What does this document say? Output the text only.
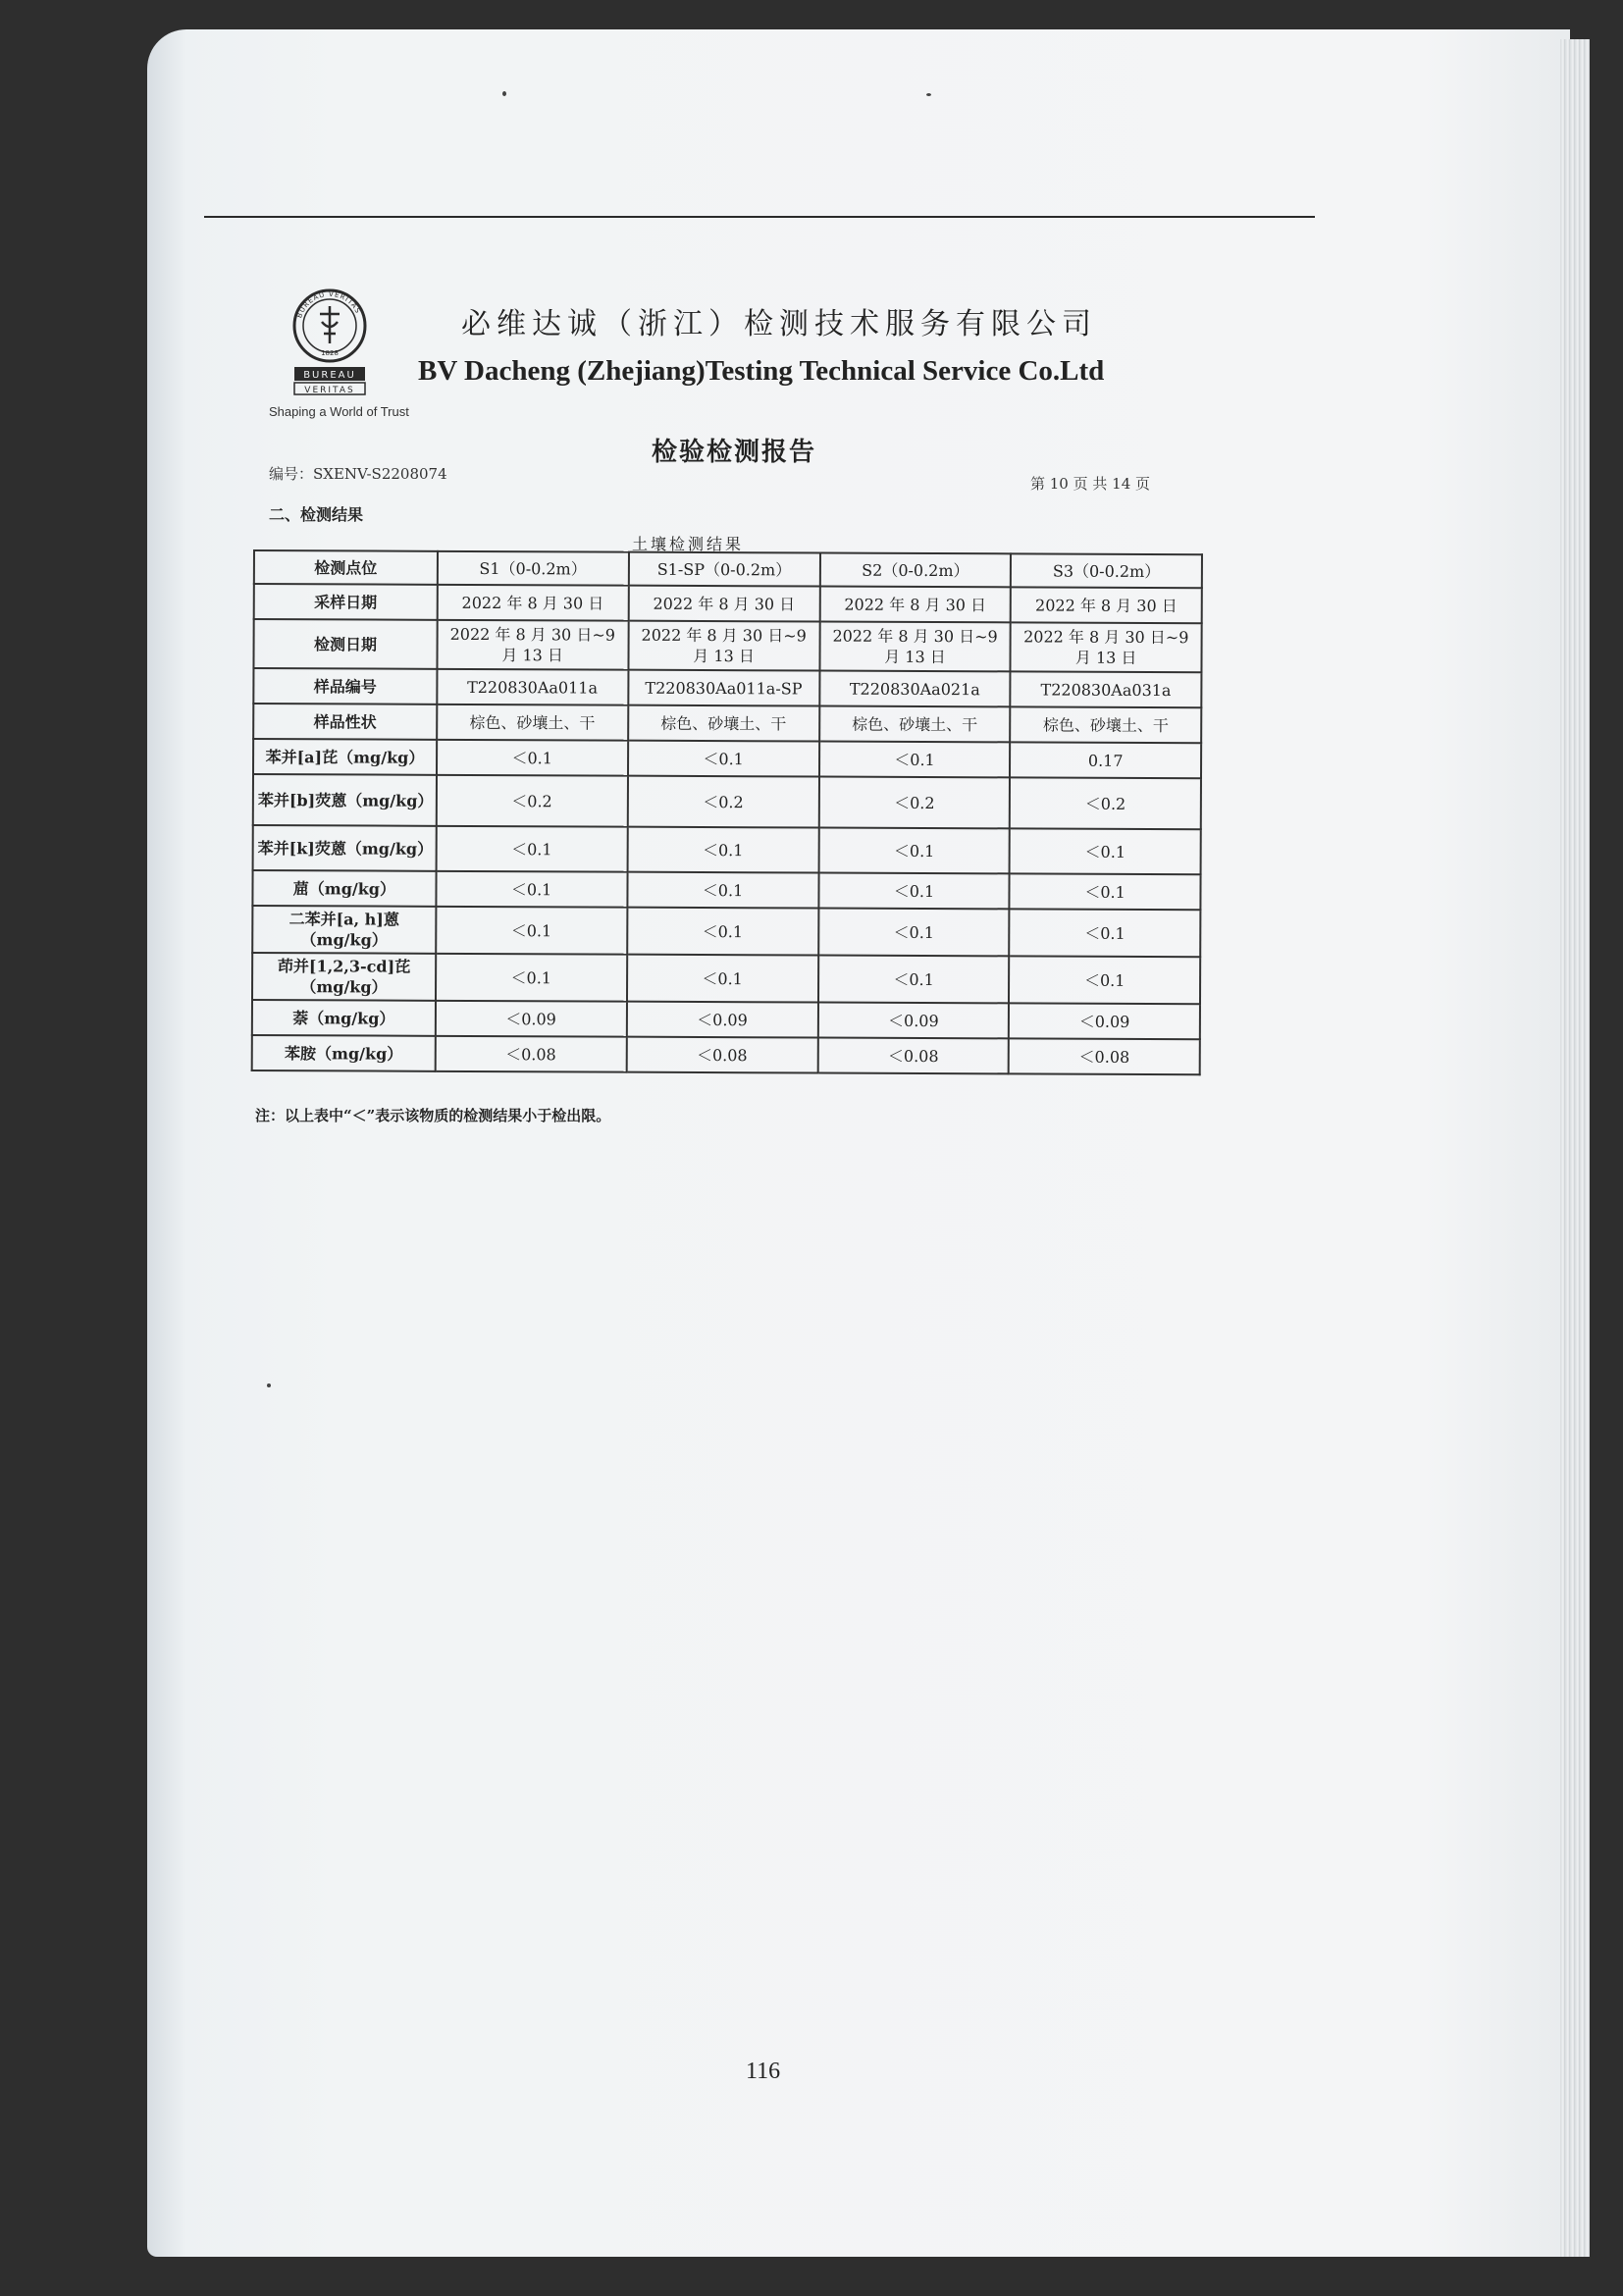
BUREAU VERITAS
1828
BUREAU
VERITAS
Shaping a World of Trust
必维达诚（浙江）检测技术服务有限公司
BV Dacheng (Zhejiang)Testing Technical Service Co.Ltd
检验检测报告
编号：SXENV-S2208074
第 10 页 共 14 页
二、检测结果
土壤检测结果
检测点位	S1（0-0.2m）	S1-SP（0-0.2m）	S2（0-0.2m）	S3（0-0.2m）
采样日期	2022 年 8 月 30 日	2022 年 8 月 30 日	2022 年 8 月 30 日	2022 年 8 月 30 日
检测日期	2022 年 8 月 30 日~9 月 13 日	2022 年 8 月 30 日~9 月 13 日	2022 年 8 月 30 日~9 月 13 日	2022 年 8 月 30 日~9 月 13 日
样品编号	T220830Aa011a	T220830Aa011a-SP	T220830Aa021a	T220830Aa031a
样品性状	棕色、砂壤土、干	棕色、砂壤土、干	棕色、砂壤土、干	棕色、砂壤土、干
苯并[a]芘（mg/kg）	＜0.1	＜0.1	＜0.1	0.17
苯并[b]荧蒽（mg/kg）	＜0.2	＜0.2	＜0.2	＜0.2
苯并[k]荧蒽（mg/kg）	＜0.1	＜0.1	＜0.1	＜0.1
䓛（mg/kg）	＜0.1	＜0.1	＜0.1	＜0.1
二苯并[a, h]蒽（mg/kg）	＜0.1	＜0.1	＜0.1	＜0.1
茚并[1,2,3-cd]芘（mg/kg）	＜0.1	＜0.1	＜0.1	＜0.1
萘（mg/kg）	＜0.09	＜0.09	＜0.09	＜0.09
苯胺（mg/kg）	＜0.08	＜0.08	＜0.08	＜0.08
注：以上表中“＜”表示该物质的检测结果小于检出限。
116
